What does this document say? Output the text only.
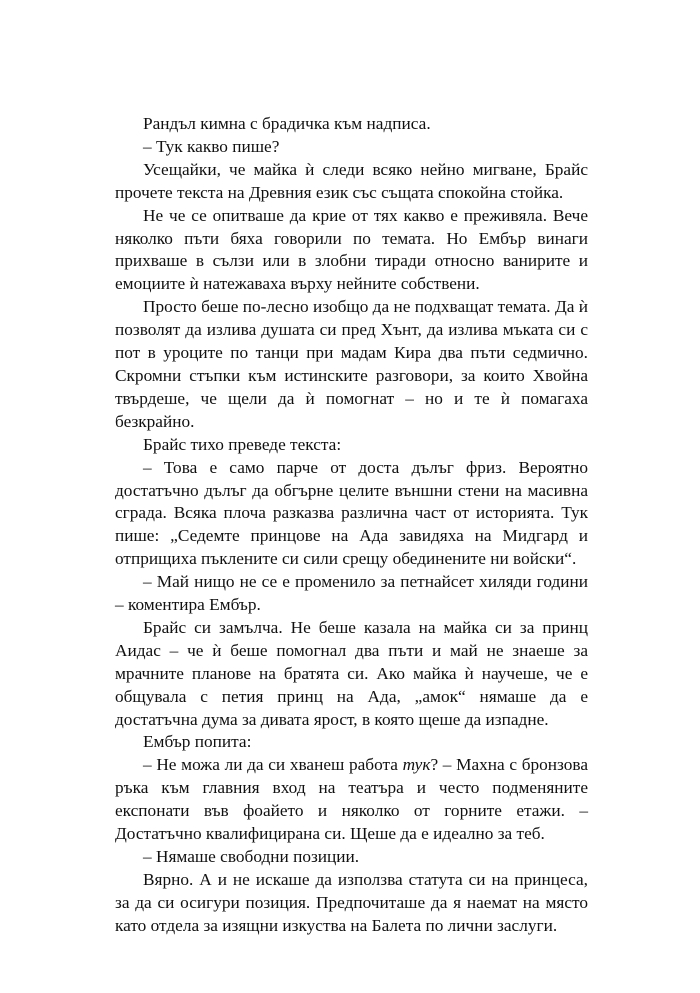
Рандъл кимна с брадичка към надписа.

– Тук какво пише?

Усещайки, че майка ѝ следи всяко нейно мигване, Брайс прочете текста на Древния език със същата спокойна стойка.

Не че се опитваше да крие от тях какво е преживяла. Вече няколко пъти бяха говорили по темата. Но Ембър винаги прихваше в сълзи или в злобни тиради относно ванирите и емоциите ѝ натежаваха върху нейните собствени.

Просто беше по-лесно изобщо да не подхващат темата. Да ѝ позволят да излива душата си пред Хънт, да излива мъката си с пот в уроците по танци при мадам Кира два пъти седмично. Скромни стъпки към истинските разговори, за които Хвойна твърдеше, че щели да ѝ помогнат – но и те ѝ помагаха безкрайно.

Брайс тихо преведе текста:

– Това е само парче от доста дълъг фриз. Вероятно достатъчно дълъг да обгърне целите външни стени на масивна сграда. Всяка плоча разказва различна част от историята. Тук пише: „Седемте принцове на Ада завидяха на Мидгард и отприщиха пъклените си сили срещу обединените ни войски“.

– Май нищо не се е променило за петнайсет хиляди години – коментира Ембър.

Брайс си замълча. Не беше казала на майка си за принц Аидас – че ѝ беше помогнал два пъти и май не знаеше за мрачните планове на братята си. Ако майка ѝ научеше, че е общувала с петия принц на Ада, „амок“ нямаше да е достатъчна дума за дивата ярост, в която щеше да изпадне.

Ембър попита:

– Не можа ли да си хванеш работа тук? – Махна с бронзова ръка към главния вход на театъра и често подменяните експонати във фоайето и няколко от горните етажи. – Достатъчно квалифицирана си. Щеше да е идеално за теб.

– Нямаше свободни позиции.

Вярно. А и не искаше да използва статута си на принцеса, за да си осигури позиция. Предпочиташе да я наемат на място като отдела за изящни изкуства на Балета по лични заслуги.
